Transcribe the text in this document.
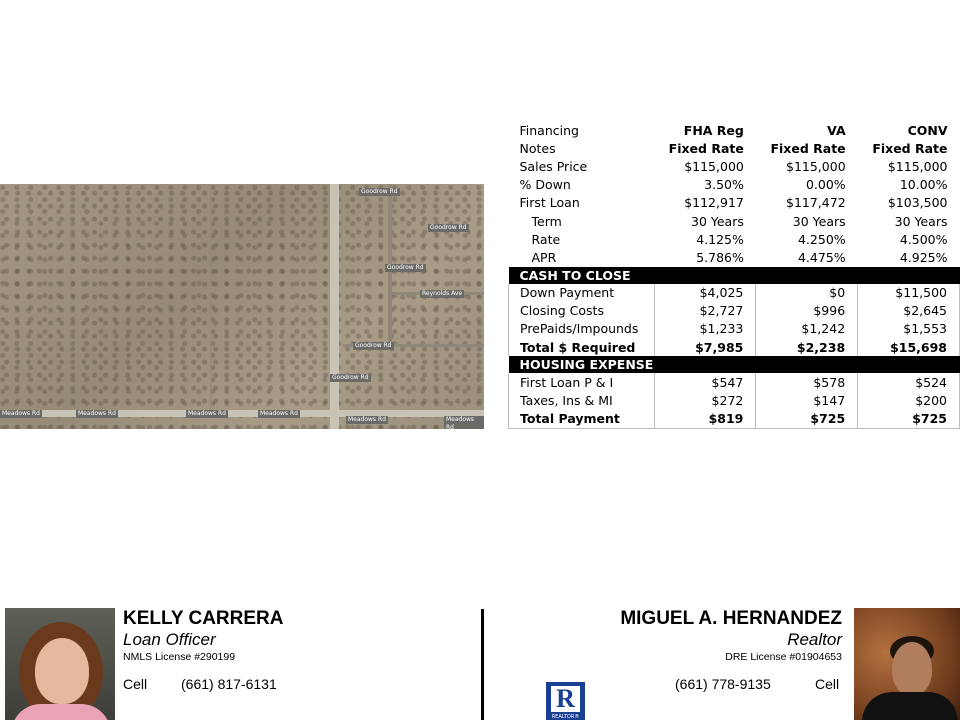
Goodrow Rd
Goodrow Rd
Goodrow Rd
Reynolds Ave
Goodrow Rd
Goodrow Rd
Meadows Rd	Meadows Rd	Meadows Rd	Meadows Rd
Meadows Rd	Meadows Rd
Financing	FHA Reg	VA	CONV
Notes	Fixed Rate	Fixed Rate	Fixed Rate
Sales Price	$115,000	$115,000	$115,000
% Down	3.50%	0.00%	10.00%
First Loan	$112,917	$117,472	$103,500
Term	30 Years	30 Years	30 Years
Rate	4.125%	4.250%	4.500%
APR	5.786%	4.475%	4.925%
CASH TO CLOSE			
Down Payment	$4,025	$0	$11,500
Closing Costs	$2,727	$996	$2,645
PrePaids/Impounds	$1,233	$1,242	$1,553
Total $ Required	$7,985	$2,238	$15,698
HOUSING EXPENSE			
First Loan P & I	$547	$578	$524
Taxes, Ins & MI	$272	$147	$200
Total Payment	$819	$725	$725
KELLY CARRERA
Loan Officer
NMLS License #290199
Cell (661) 817-6131
MIGUEL A. HERNANDEZ
Realtor
DRE License #01904653
(661) 778-9135	Cell
R
REALTOR®
